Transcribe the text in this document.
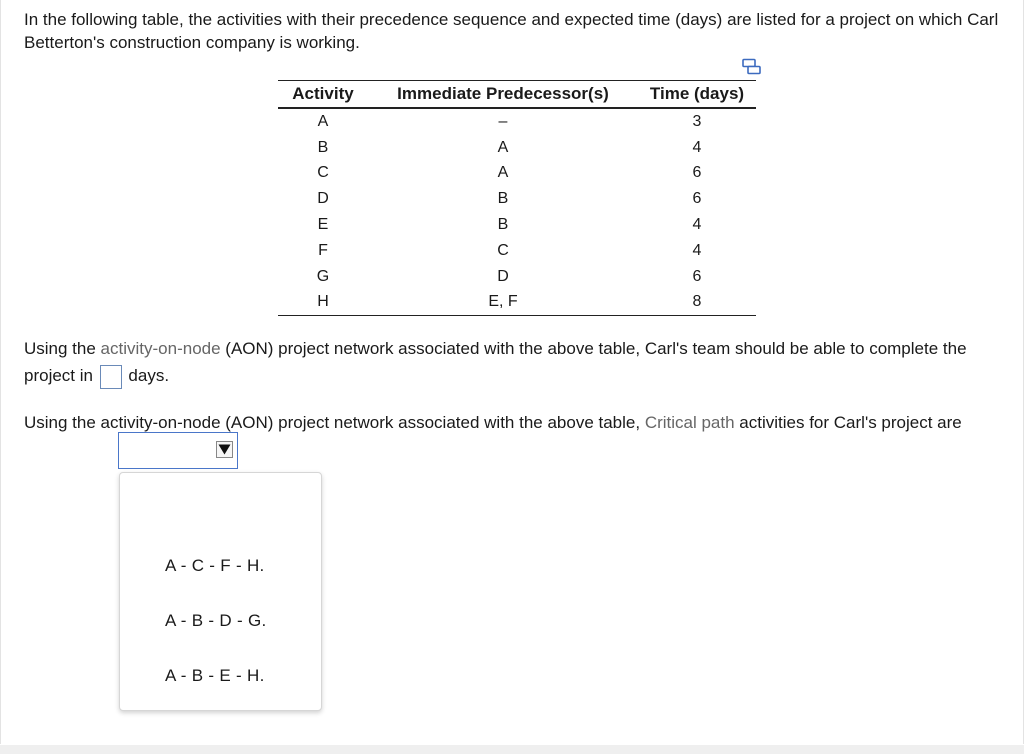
In the following table, the activities with their precedence sequence and expected time (days) are listed for a project on which Carl Betterton's construction company is working.
Activity	Immediate Predecessor(s)	Time (days)
A	–	3
B	A	4
C	A	6
D	B	6
E	B	4
F	C	4
G	D	6
H	E, F	8
Using the activity-on-node (AON) project network associated with the above table, Carl's team should be able to complete the project in  days.
Using the activity-on-node (AON) project network associated with the above table, Critical path activities for Carl's project are
A - C - F - H.
A - B - D - G.
A - B - E - H.
